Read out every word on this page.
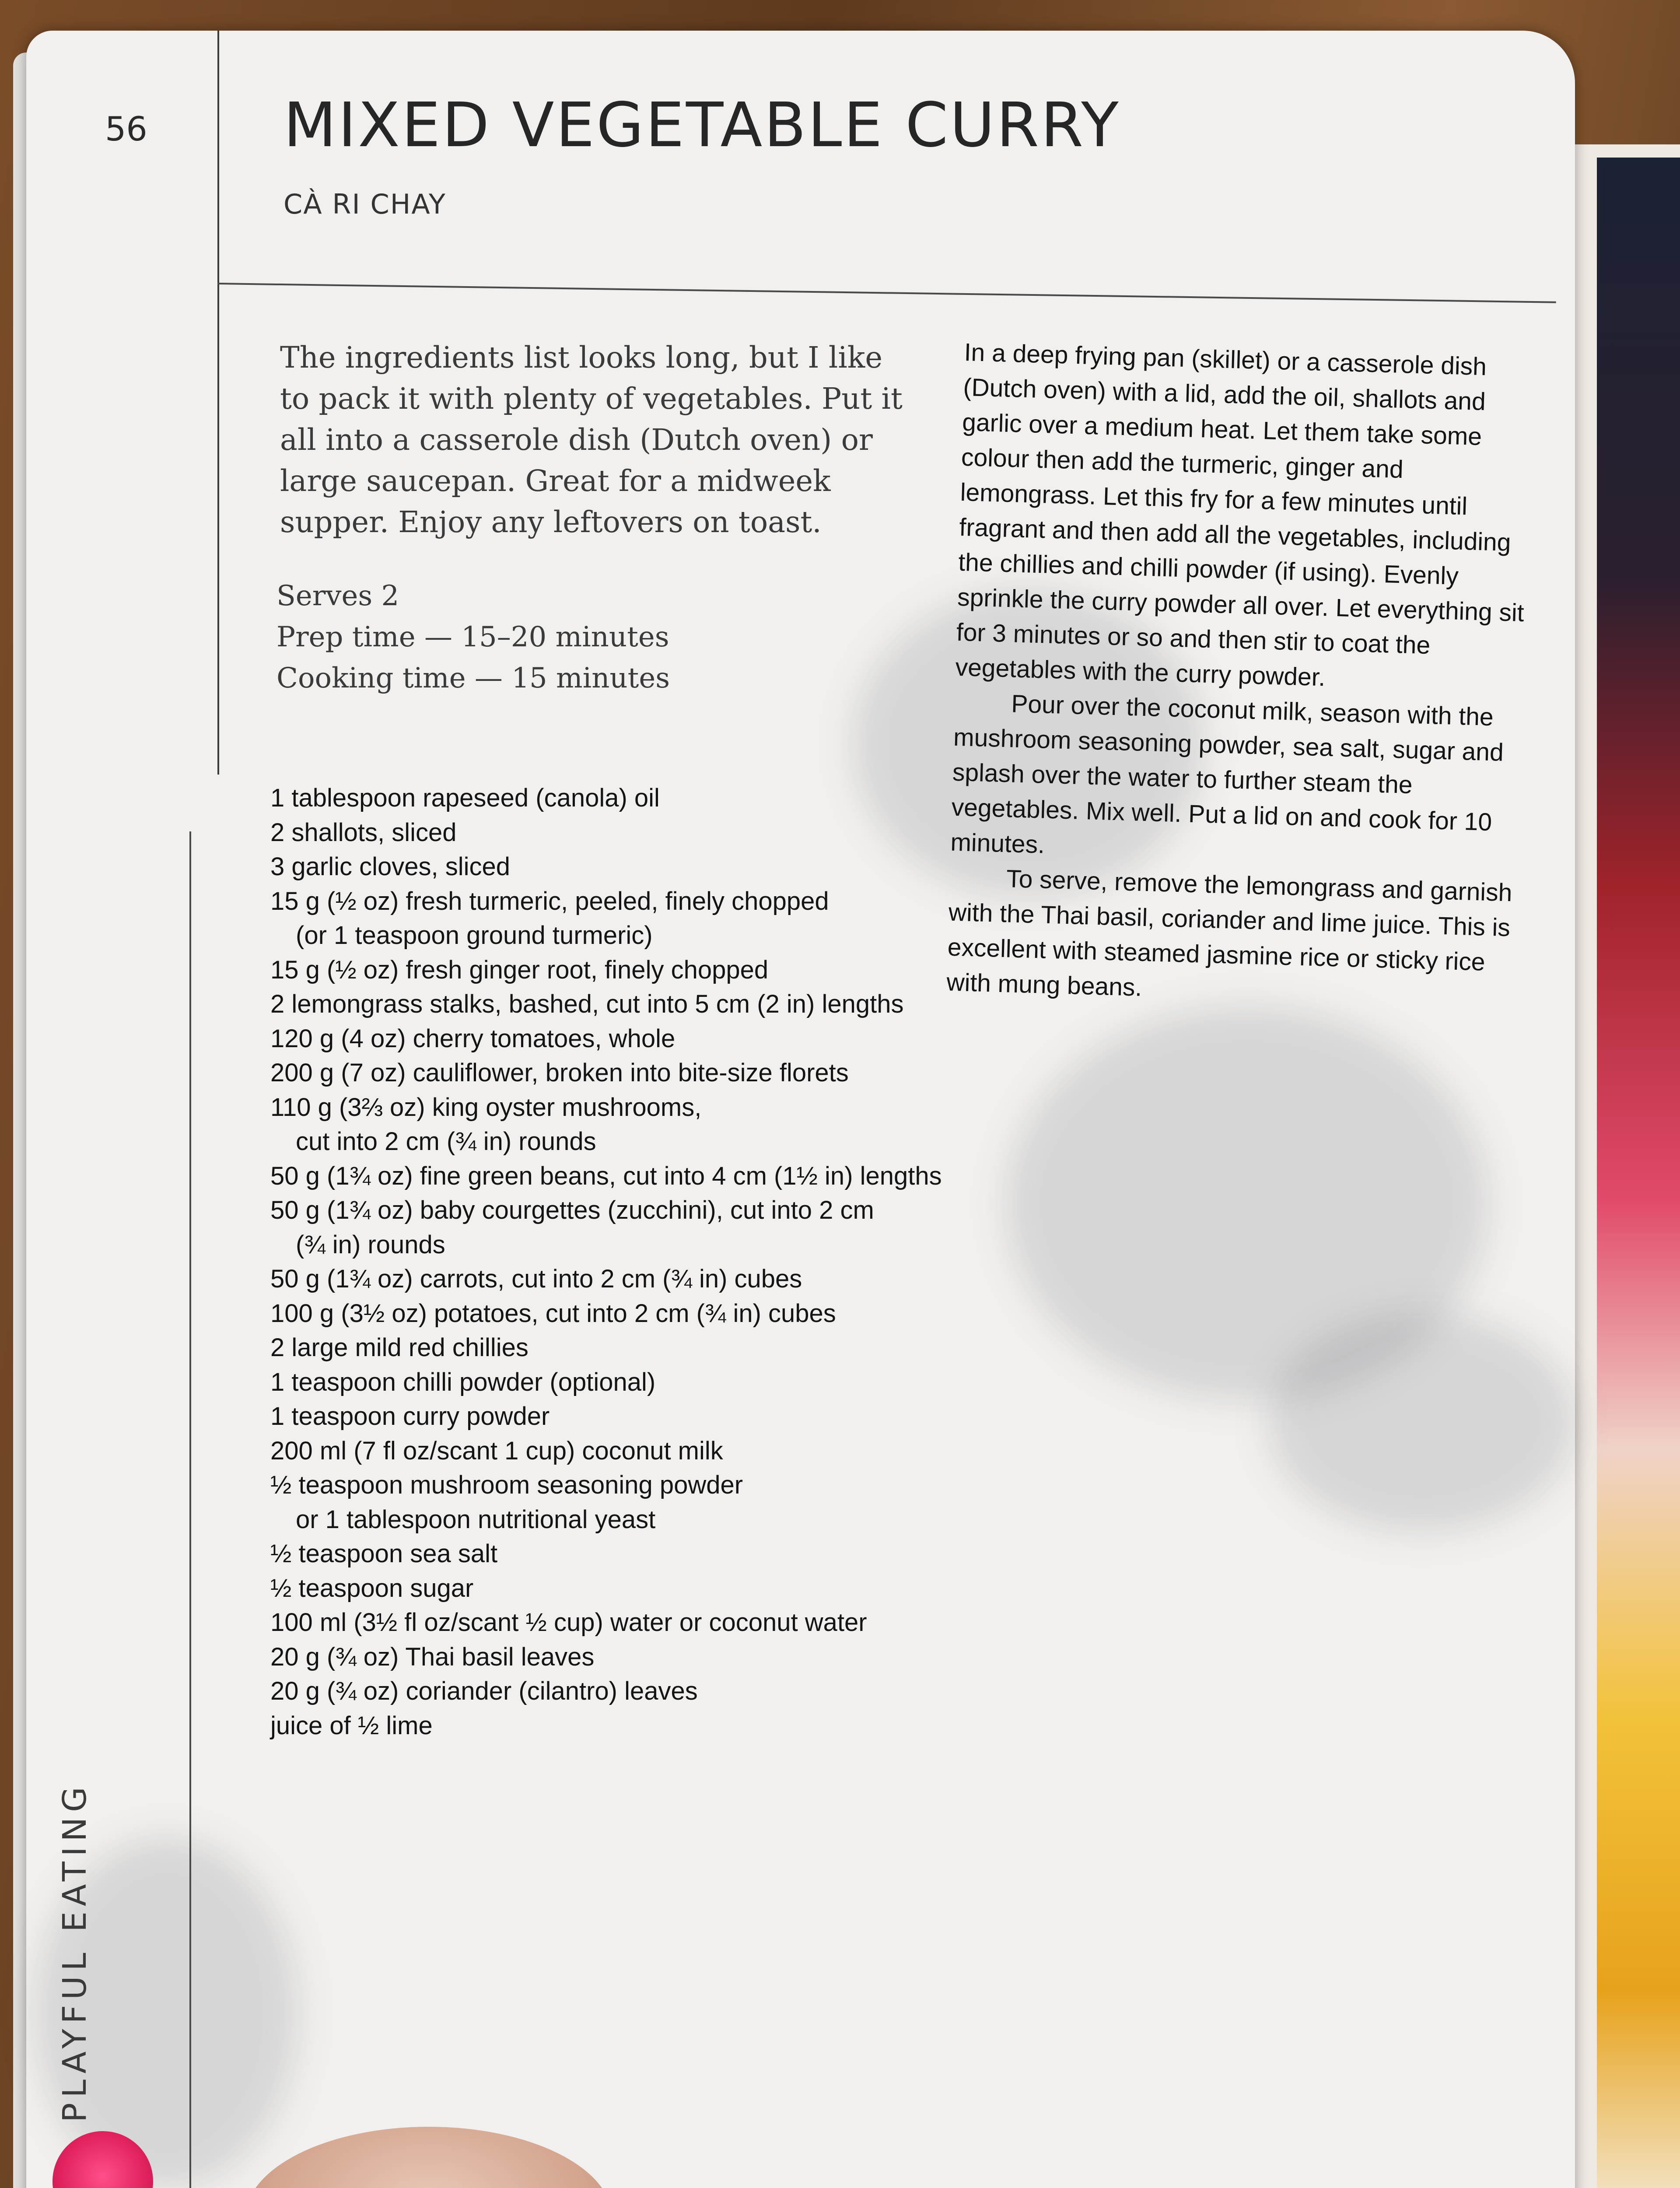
56 MIXED VEGETABLE CURRY
CÀ RI CHAY
The ingredients list looks long, but I like to pack it with plenty of vegetables. Put it all into a casserole dish (Dutch oven) or large saucepan. Great for a midweek supper. Enjoy any leftovers on toast.
Serves 2
Prep time — 15–20 minutes
Cooking time — 15 minutes
1 tablespoon rapeseed (canola) oil
2 shallots, sliced
3 garlic cloves, sliced
15 g (½ oz) fresh turmeric, peeled, finely chopped
(or 1 teaspoon ground turmeric)
15 g (½ oz) fresh ginger root, finely chopped
2 lemongrass stalks, bashed, cut into 5 cm (2 in) lengths
120 g (4 oz) cherry tomatoes, whole
200 g (7 oz) cauliflower, broken into bite-size florets
110 g (3⅔ oz) king oyster mushrooms,
cut into 2 cm (¾ in) rounds
50 g (1¾ oz) fine green beans, cut into 4 cm (1½ in) lengths
50 g (1¾ oz) baby courgettes (zucchini), cut into 2 cm
(¾ in) rounds
50 g (1¾ oz) carrots, cut into 2 cm (¾ in) cubes
100 g (3½ oz) potatoes, cut into 2 cm (¾ in) cubes
2 large mild red chillies
1 teaspoon chilli powder (optional)
1 teaspoon curry powder
200 ml (7 fl oz/scant 1 cup) coconut milk
½ teaspoon mushroom seasoning powder
or 1 tablespoon nutritional yeast
½ teaspoon sea salt
½ teaspoon sugar
100 ml (3½ fl oz/scant ½ cup) water or coconut water
20 g (¾ oz) Thai basil leaves
20 g (¾ oz) coriander (cilantro) leaves
juice of ½ lime

In a deep frying pan (skillet) or a casserole dish (Dutch oven) with a lid, add the oil, shallots and garlic over a medium heat. Let them take some colour then add the turmeric, ginger and lemongrass. Let this fry for a few minutes until fragrant and then add all the vegetables, including the chillies and chilli powder (if using). Evenly sprinkle the curry powder all over. Let everything sit for 3 minutes or so and then stir to coat the vegetables with the curry powder.

Pour over the coconut milk, season with the mushroom seasoning powder, sea salt, sugar and splash over the water to further steam the vegetables. Mix well. Put a lid on and cook for 10 minutes.

To serve, remove the lemongrass and garnish with the Thai basil, coriander and lime juice. This is excellent with steamed jasmine rice or sticky rice with mung beans.

PLAYFUL EATING
